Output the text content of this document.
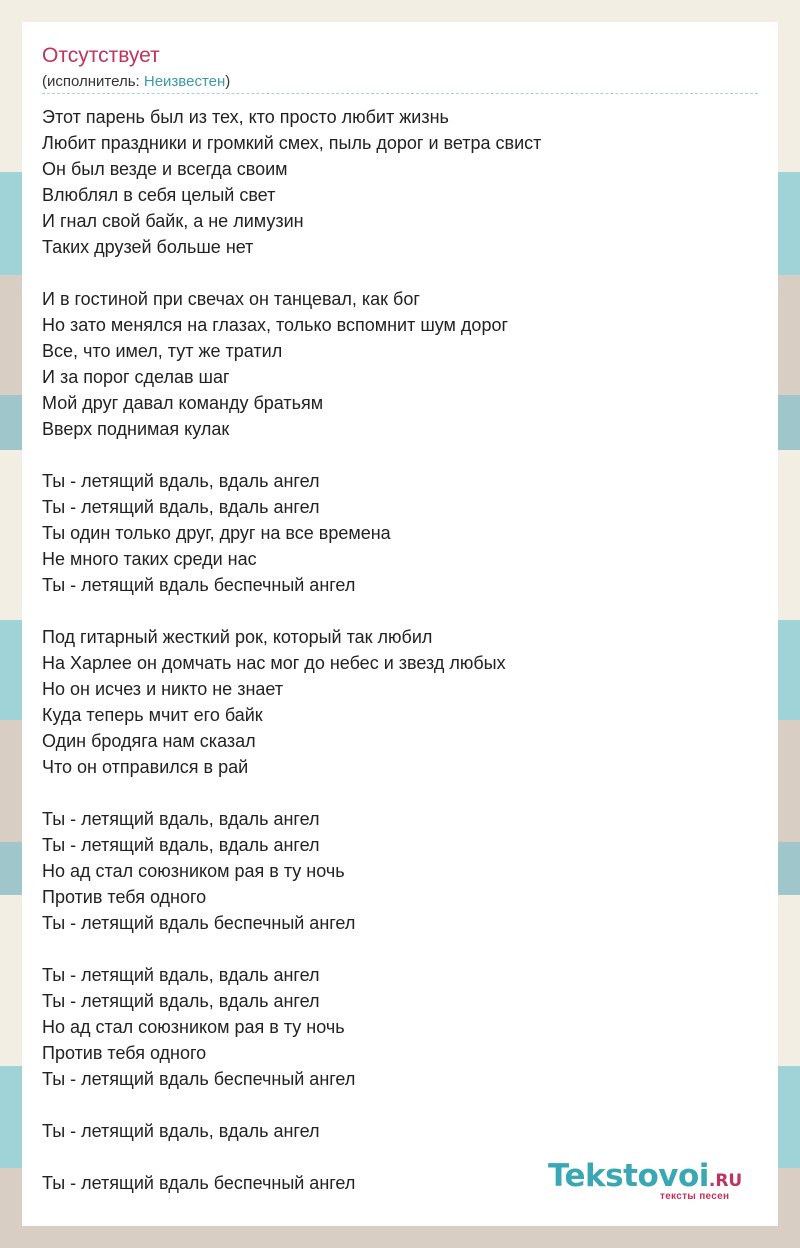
Отсутствует
(исполнитель: Неизвестен)
Этот парень был из тех, кто просто любит жизнь
Любит праздники и громкий смех, пыль дорог и ветра свист
Он был везде и всегда своим
Влюблял в себя целый свет
И гнал свой байк, а не лимузин
Таких друзей больше нет
И в гостиной при свечах он танцевал, как бог
Но зато менялся на глазах, только вспомнит шум дорог
Все, что имел, тут же тратил
И за порог сделав шаг
Мой друг давал команду братьям
Вверх поднимая кулак
Ты - летящий вдаль, вдаль ангел
Ты - летящий вдаль, вдаль ангел
Ты один только друг, друг на все времена
Не много таких среди нас
Ты - летящий вдаль беспечный ангел
Под гитарный жесткий рок, который так любил
На Харлее он домчать нас мог до небес и звезд любых
Но он исчез и никто не знает
Куда теперь мчит его байк
Один бродяга нам сказал
Что он отправился в рай
Ты - летящий вдаль, вдаль ангел
Ты - летящий вдаль, вдаль ангел
Но ад стал союзником рая в ту ночь
Против тебя одного
Ты - летящий вдаль беспечный ангел
Ты - летящий вдаль, вдаль ангел
Ты - летящий вдаль, вдаль ангел
Но ад стал союзником рая в ту ночь
Против тебя одного
Ты - летящий вдаль беспечный ангел
Ты - летящий вдаль, вдаль ангел
Ты - летящий вдаль беспечный ангел	Tekstovoi.RU
тексты песен
